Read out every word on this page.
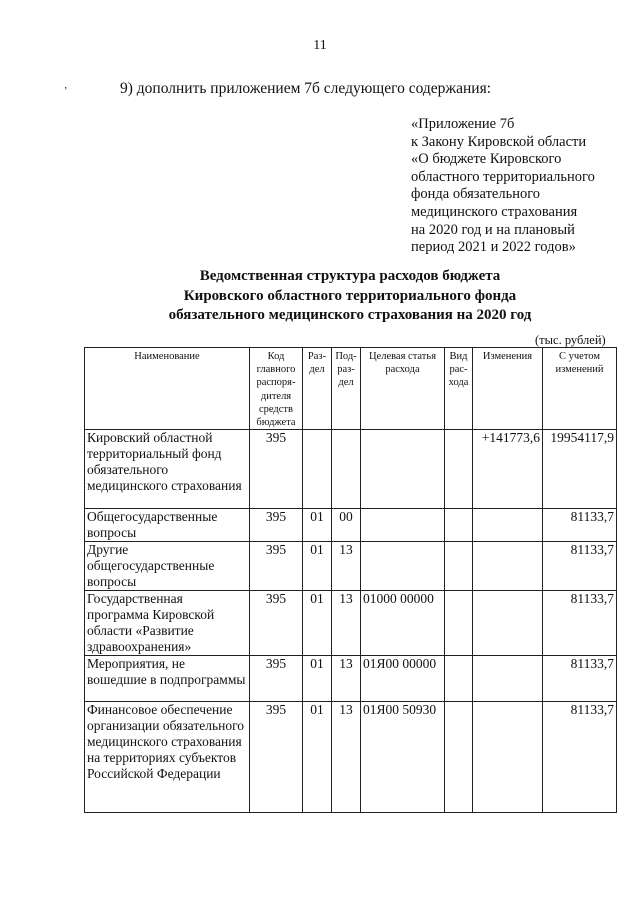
11
’	9) дополнить приложением 7б следующего содержания:
«Приложение 7б
к Закону Кировской области
«О бюджете Кировского
областного территориального
фонда обязательного
медицинского страхования
на 2020 год и на плановый
период 2021 и 2022 годов»
Ведомственная структура расходов бюджета
Кировского областного территориального фонда
обязательного медицинского страхования на 2020 год
(тыс. рублей)
Наименование	Код главного распоря-дителя средств бюджета	Раз-дел	Под-раз-дел	Целевая статья расхода	Вид рас-хода	Изменения	С учетом изменений
Кировский областной территориальный фонд обязательного медицинского страхования	395					+141773,6	19954117,9
Общегосударственные вопросы	395	01	00				81133,7
Другие общегосударственные вопросы	395	01	13				81133,7
Государственная программа Кировской области «Развитие здравоохранения»	395	01	13	01000 00000			81133,7
Мероприятия, не вошедшие в подпрограммы	395	01	13	01Я00 00000			81133,7
Финансовое обеспечение организации обязательного медицинского страхования на территориях субъектов Российской Федерации	395	01	13	01Я00 50930			81133,7
